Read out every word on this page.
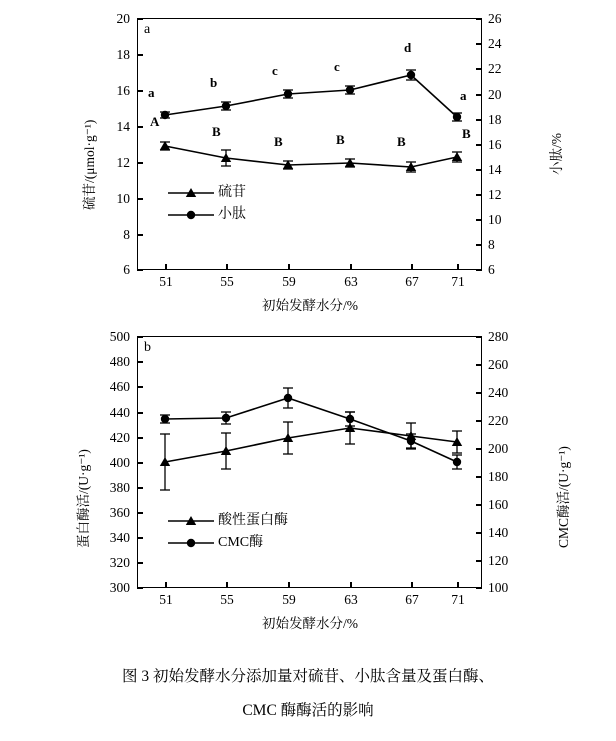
a
20
18
16
14
12
10
8
6
26
24
22
20
18
16
14
12
10
8
6
51	55	59	63	67	71
初始发酵水分/%
硫苷/(μmol·g⁻¹)	小肽/%
a
b
c	c
d
a
A
B
B	B	B
B
硫苷
小肽
b
500
480
460
440
420
400
380
360
340
320
300
280
260
240
220
200
180
160
140
120
100
51	55	59	63	67	71
初始发酵水分/%
蛋白酶活/(U·g⁻¹)	CMC酶活/(U·g⁻¹)
酸性蛋白酶
CMC酶
图 3 初始发酵水分添加量对硫苷、小肽含量及蛋白酶、
CMC 酶酶活的影响
